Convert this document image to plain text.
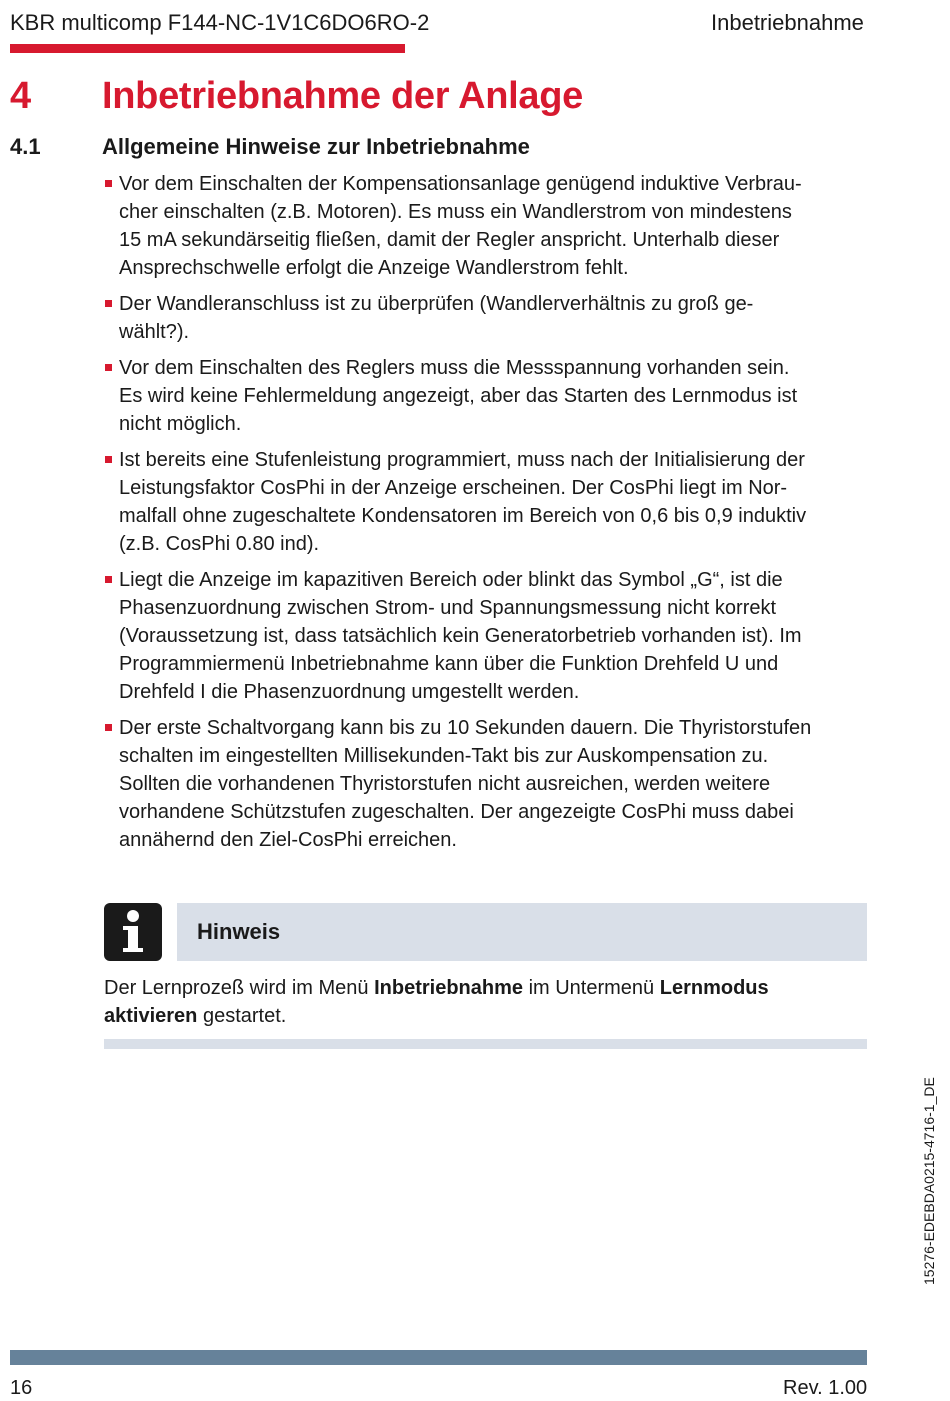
KBR multicomp F144-NC-1V1C6DO6RO-2	Inbetriebnahme
4 Inbetriebnahme der Anlage
4.1	Allgemeine Hinweise zur Inbetriebnahme
Vor dem Einschalten der Kompensationsanlage genügend induktive Verbrau-
cher einschalten (z.B. Motoren). Es muss ein Wandlerstrom von mindestens
15 mA sekundärseitig fließen, damit der Regler anspricht. Unterhalb dieser
Ansprechschwelle erfolgt die Anzeige Wandlerstrom fehlt.
Der Wandleranschluss ist zu überprüfen (Wandlerverhältnis zu groß ge-
wählt?).
Vor dem Einschalten des Reglers muss die Messspannung vorhanden sein.
Es wird keine Fehlermeldung angezeigt, aber das Starten des Lernmodus ist
nicht möglich.
Ist bereits eine Stufenleistung programmiert, muss nach der Initialisierung der
Leistungsfaktor CosPhi in der Anzeige erscheinen. Der CosPhi liegt im Nor-
malfall ohne zugeschaltete Kondensatoren im Bereich von 0,6 bis 0,9 induktiv
(z.B. CosPhi 0.80 ind).
Liegt die Anzeige im kapazitiven Bereich oder blinkt das Symbol „G“, ist die
Phasenzuordnung zwischen Strom- und Spannungsmessung nicht korrekt
(Voraussetzung ist, dass tatsächlich kein Generatorbetrieb vorhanden ist). Im
Programmiermenü Inbetriebnahme kann über die Funktion Drehfeld U und
Drehfeld I die Phasenzuordnung umgestellt werden.
Der erste Schaltvorgang kann bis zu 10 Sekunden dauern. Die Thyristorstufen
schalten im eingestellten Millisekunden-Takt bis zur Auskompensation zu.
Sollten die vorhandenen Thyristorstufen nicht ausreichen, werden weitere
vorhandene Schützstufen zugeschalten. Der angezeigte CosPhi muss dabei
annähernd den Ziel-CosPhi erreichen.
Hinweis
Der Lernprozeß wird im Menü Inbetriebnahme im Untermenü Lernmodus
aktivieren gestartet.
15276-EDEBDA0215-4716-1_DE
16	Rev. 1.00
